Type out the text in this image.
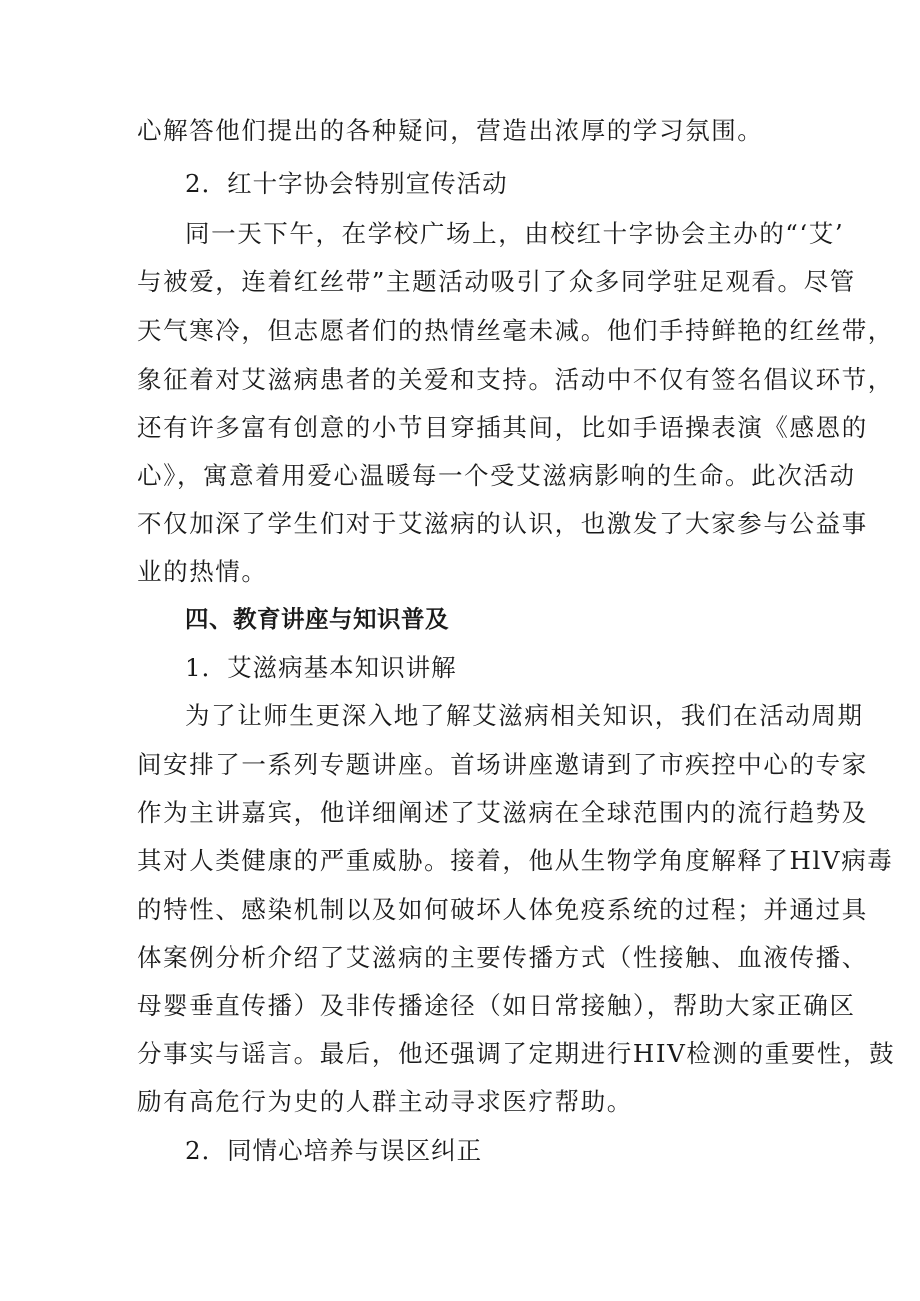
心解答他们提出的各种疑问，营造出浓厚的学习氛围。
2．红十字协会特别宣传活动
同一天下午，在学校广场上，由校红十字协会主办的“‘艾’
与被爱，连着红丝带”主题活动吸引了众多同学驻足观看。尽管
天气寒冷，但志愿者们的热情丝毫未减。他们手持鲜艳的红丝带，
象征着对艾滋病患者的关爱和支持。活动中不仅有签名倡议环节，
还有许多富有创意的小节目穿插其间，比如手语操表演《感恩的
心》，寓意着用爱心温暖每一个受艾滋病影响的生命。此次活动
不仅加深了学生们对于艾滋病的认识，也激发了大家参与公益事
业的热情。
四、教育讲座与知识普及
1．艾滋病基本知识讲解
为了让师生更深入地了解艾滋病相关知识，我们在活动周期
间安排了一系列专题讲座。首场讲座邀请到了市疾控中心的专家
作为主讲嘉宾，他详细阐述了艾滋病在全球范围内的流行趋势及
其对人类健康的严重威胁。接着，他从生物学角度解释了HlV病毒
的特性、感染机制以及如何破坏人体免疫系统的过程；并通过具
体案例分析介绍了艾滋病的主要传播方式（性接触、血液传播、
母婴垂直传播）及非传播途径（如日常接触），帮助大家正确区
分事实与谣言。最后，他还强调了定期进行HIV检测的重要性，鼓
励有高危行为史的人群主动寻求医疗帮助。
2．同情心培养与误区纠正
